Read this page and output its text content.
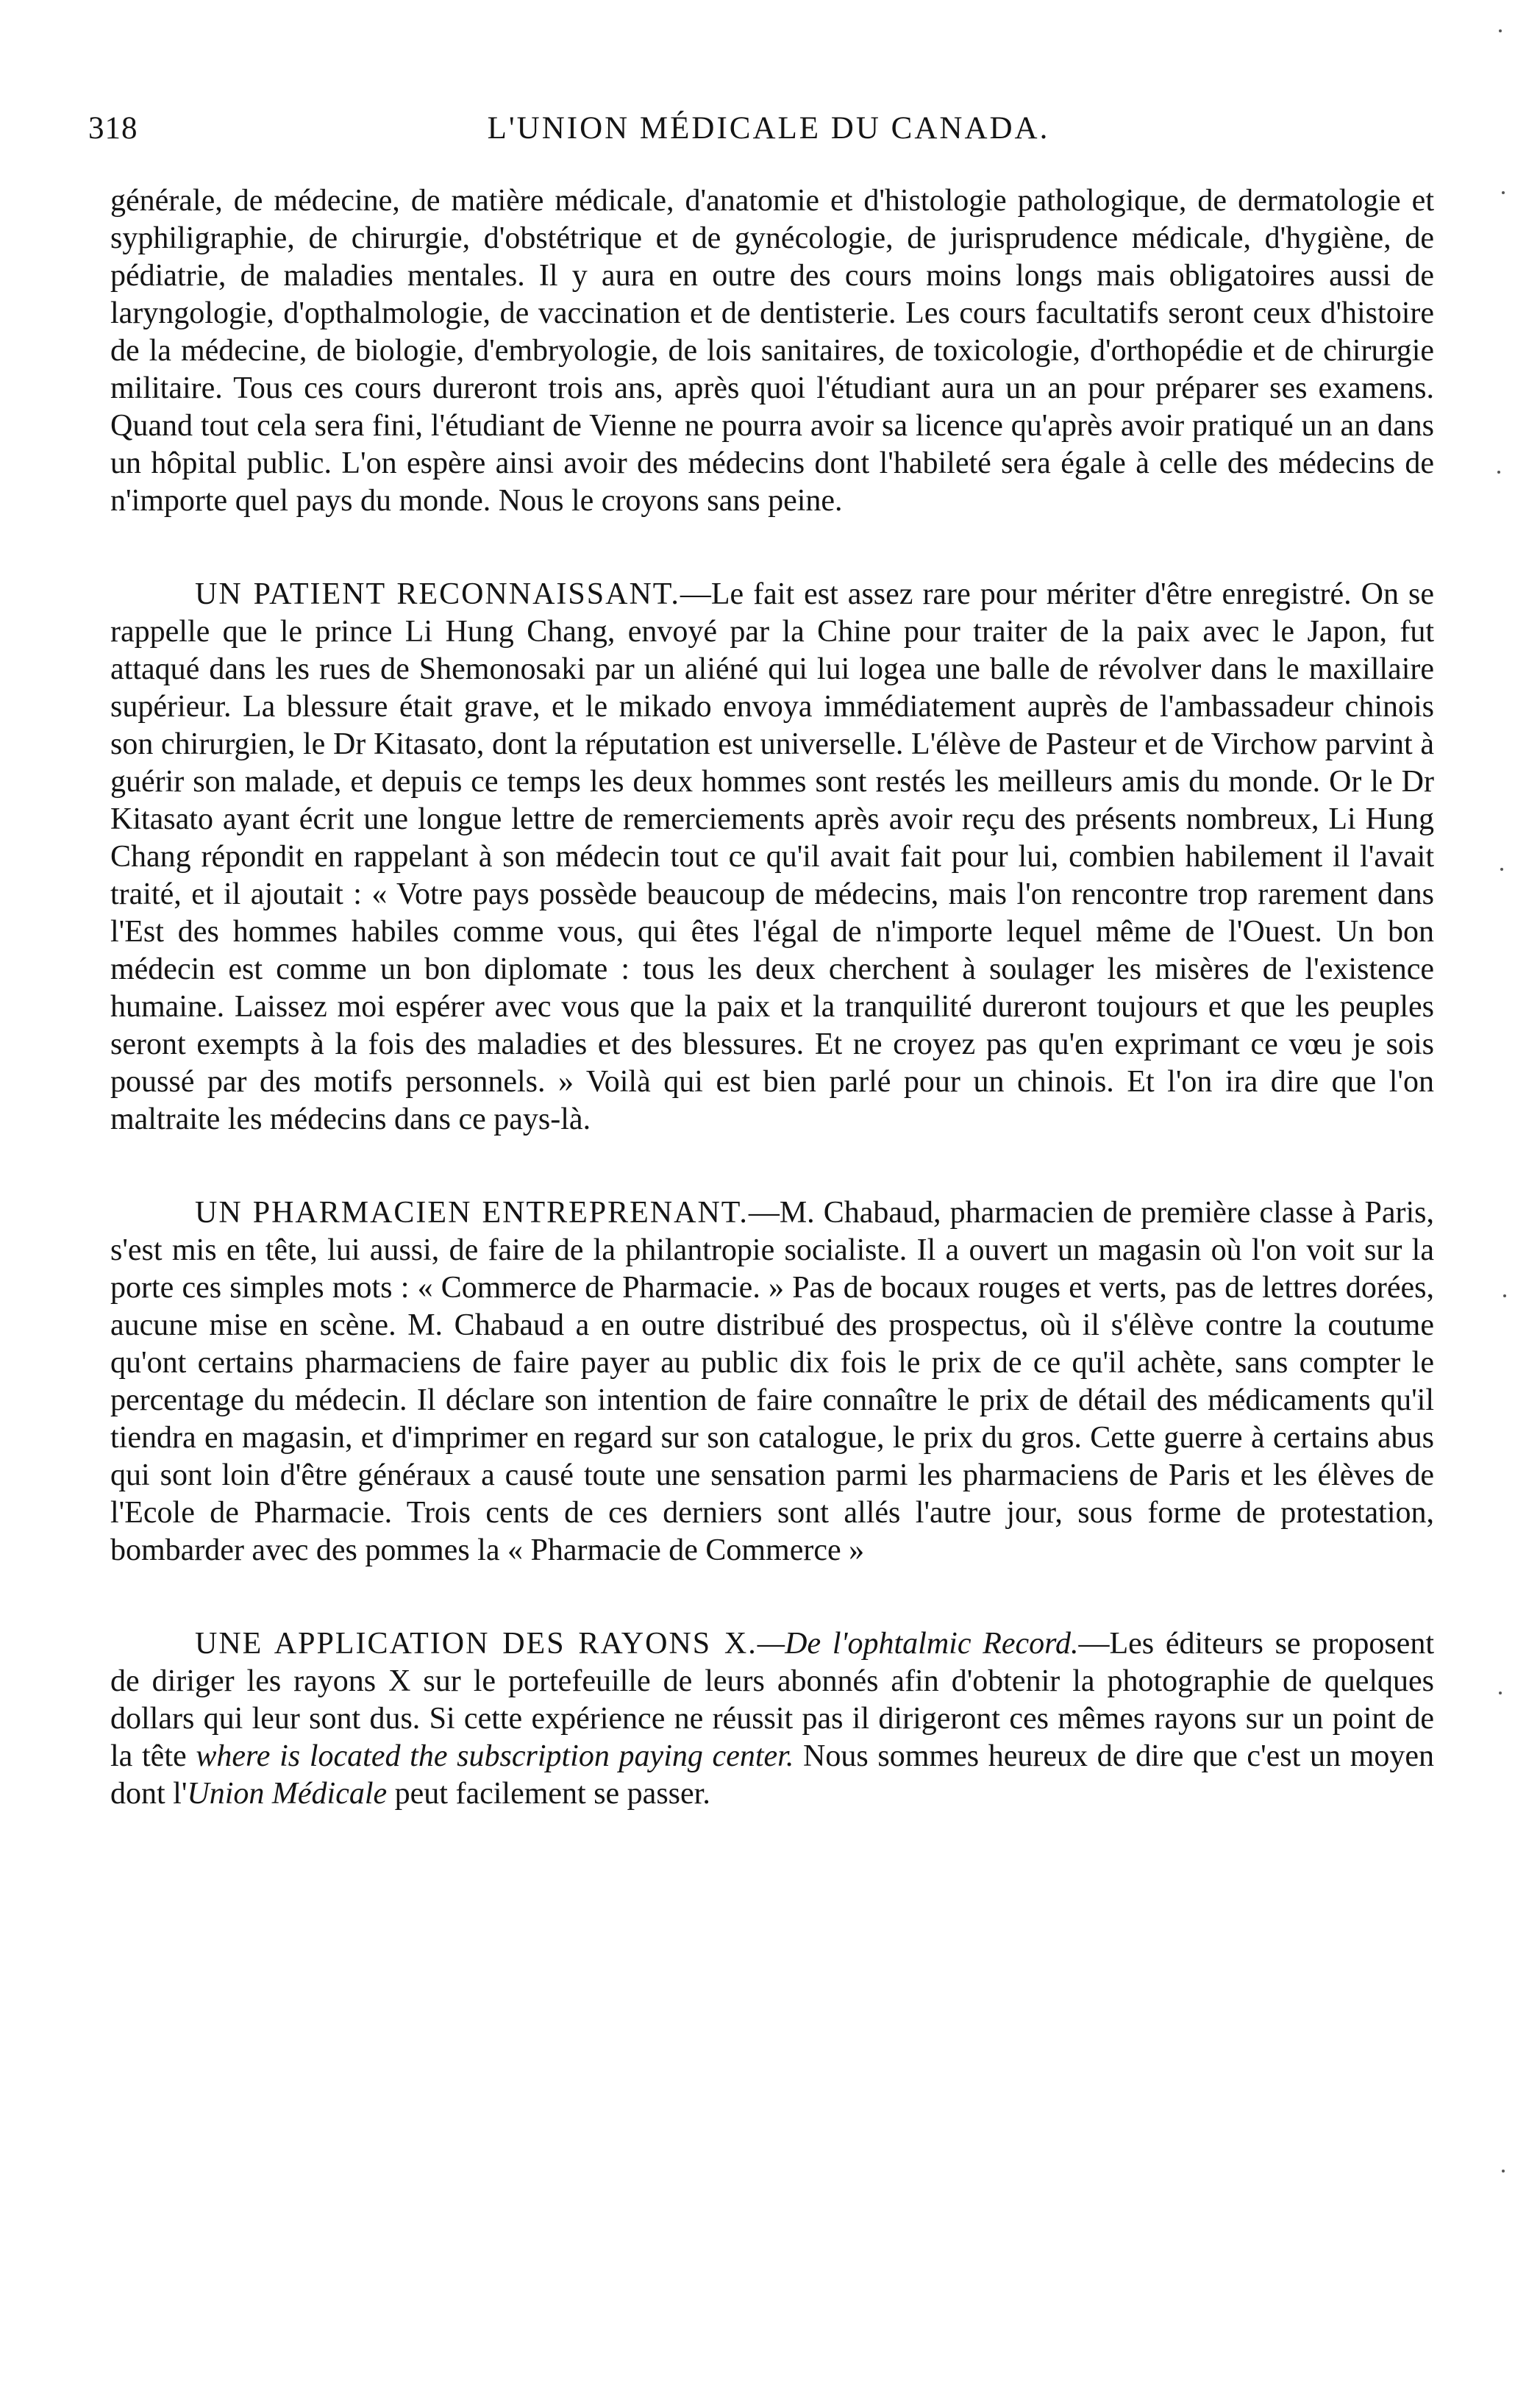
318	L'UNION MÉDICALE DU CANADA.

générale, de médecine, de matière médicale, d'anatomie et d'histologie pathologique, de dermatologie et syphiligraphie, de chirurgie, d'obstétrique et de gynécologie, de jurisprudence médicale, d'hygiène, de pédiatrie, de maladies mentales. Il y aura en outre des cours moins longs mais obligatoires aussi de laryngologie, d'opthalmologie, de vaccination et de dentisterie. Les cours facultatifs seront ceux d'histoire de la médecine, de biologie, d'embryologie, de lois sanitaires, de toxicologie, d'orthopédie et de chirurgie militaire. Tous ces cours dureront trois ans, après quoi l'étudiant aura un an pour préparer ses examens. Quand tout cela sera fini, l'étudiant de Vienne ne pourra avoir sa licence qu'après avoir pratiqué un an dans un hôpital public. L'on espère ainsi avoir des médecins dont l'habileté sera égale à celle des médecins de n'importe quel pays du monde. Nous le croyons sans peine.

UN PATIENT RECONNAISSANT.—Le fait est assez rare pour mériter d'être enregistré. On se rappelle que le prince Li Hung Chang, envoyé par la Chine pour traiter de la paix avec le Japon, fut attaqué dans les rues de Shemonosaki par un aliéné qui lui logea une balle de révolver dans le maxillaire supérieur. La blessure était grave, et le mikado envoya immédiatement auprès de l'ambassadeur chinois son chirurgien, le Dr Kitasato, dont la réputation est universelle. L'élève de Pasteur et de Virchow parvint à guérir son malade, et depuis ce temps les deux hommes sont restés les meilleurs amis du monde. Or le Dr Kitasato ayant écrit une longue lettre de remerciements après avoir reçu des présents nombreux, Li Hung Chang répondit en rappelant à son médecin tout ce qu'il avait fait pour lui, combien habilement il l'avait traité, et il ajoutait : « Votre pays possède beaucoup de médecins, mais l'on rencontre trop rarement dans l'Est des hommes habiles comme vous, qui êtes l'égal de n'importe lequel même de l'Ouest. Un bon médecin est comme un bon diplomate : tous les deux cherchent à soulager les misères de l'existence humaine. Laissez moi espérer avec vous que la paix et la tranquilité dureront toujours et que les peuples seront exempts à la fois des maladies et des blessures. Et ne croyez pas qu'en exprimant ce vœu je sois poussé par des motifs personnels. » Voilà qui est bien parlé pour un chinois. Et l'on ira dire que l'on maltraite les médecins dans ce pays-là.

UN PHARMACIEN ENTREPRENANT.—M. Chabaud, pharmacien de première classe à Paris, s'est mis en tête, lui aussi, de faire de la philantropie socialiste. Il a ouvert un magasin où l'on voit sur la porte ces simples mots : « Commerce de Pharmacie. » Pas de bocaux rouges et verts, pas de lettres dorées, aucune mise en scène. M. Chabaud a en outre distribué des prospectus, où il s'élève contre la coutume qu'ont certains pharmaciens de faire payer au public dix fois le prix de ce qu'il achète, sans compter le percentage du médecin. Il déclare son intention de faire connaître le prix de détail des médicaments qu'il tiendra en magasin, et d'imprimer en regard sur son catalogue, le prix du gros. Cette guerre à certains abus qui sont loin d'être généraux a causé toute une sensation parmi les pharmaciens de Paris et les élèves de l'Ecole de Pharmacie. Trois cents de ces derniers sont allés l'autre jour, sous forme de protestation, bombarder avec des pommes la « Pharmacie de Commerce »

UNE APPLICATION DES RAYONS X.—De l'ophtalmic Record.—Les éditeurs se proposent de diriger les rayons X sur le portefeuille de leurs abonnés afin d'obtenir la photographie de quelques dollars qui leur sont dus. Si cette expérience ne réussit pas il dirigeront ces mêmes rayons sur un point de la tête where is located the subscription paying center. Nous sommes heureux de dire que c'est un moyen dont l'Union Médicale peut facilement se passer.
